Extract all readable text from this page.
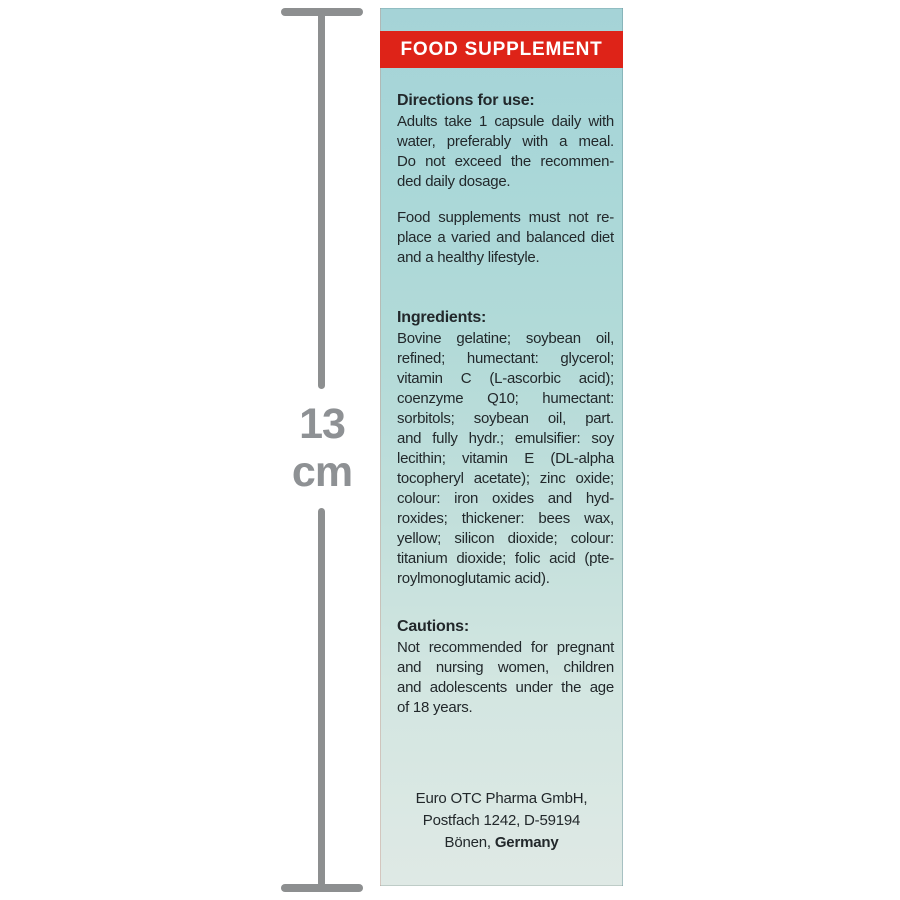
13
cm
FOOD SUPPLEMENT
Directions for use:
Adults take 1 capsule daily with
water, preferably with a meal.
Do not exceed the recommen-
ded daily dosage.
Food supplements must not re-
place a varied and balanced diet
and a healthy lifestyle.
Ingredients:
Bovine gelatine; soybean oil,
refined; humectant: glycerol;
vitamin C (L-ascorbic acid);
coenzyme Q10; humectant:
sorbitols; soybean oil, part.
and fully hydr.; emulsifier: soy
lecithin; vitamin E (DL-alpha
tocopheryl acetate); zinc oxide;
colour: iron oxides and hyd-
roxides; thickener: bees wax,
yellow; silicon dioxide; colour:
titanium dioxide; folic acid (pte-
roylmonoglutamic acid).
Cautions:
Not recommended for pregnant
and nursing women, children
and adolescents under the age
of 18 years.
Euro OTC Pharma GmbH,
Postfach 1242, D-59194
Bönen, Germany
